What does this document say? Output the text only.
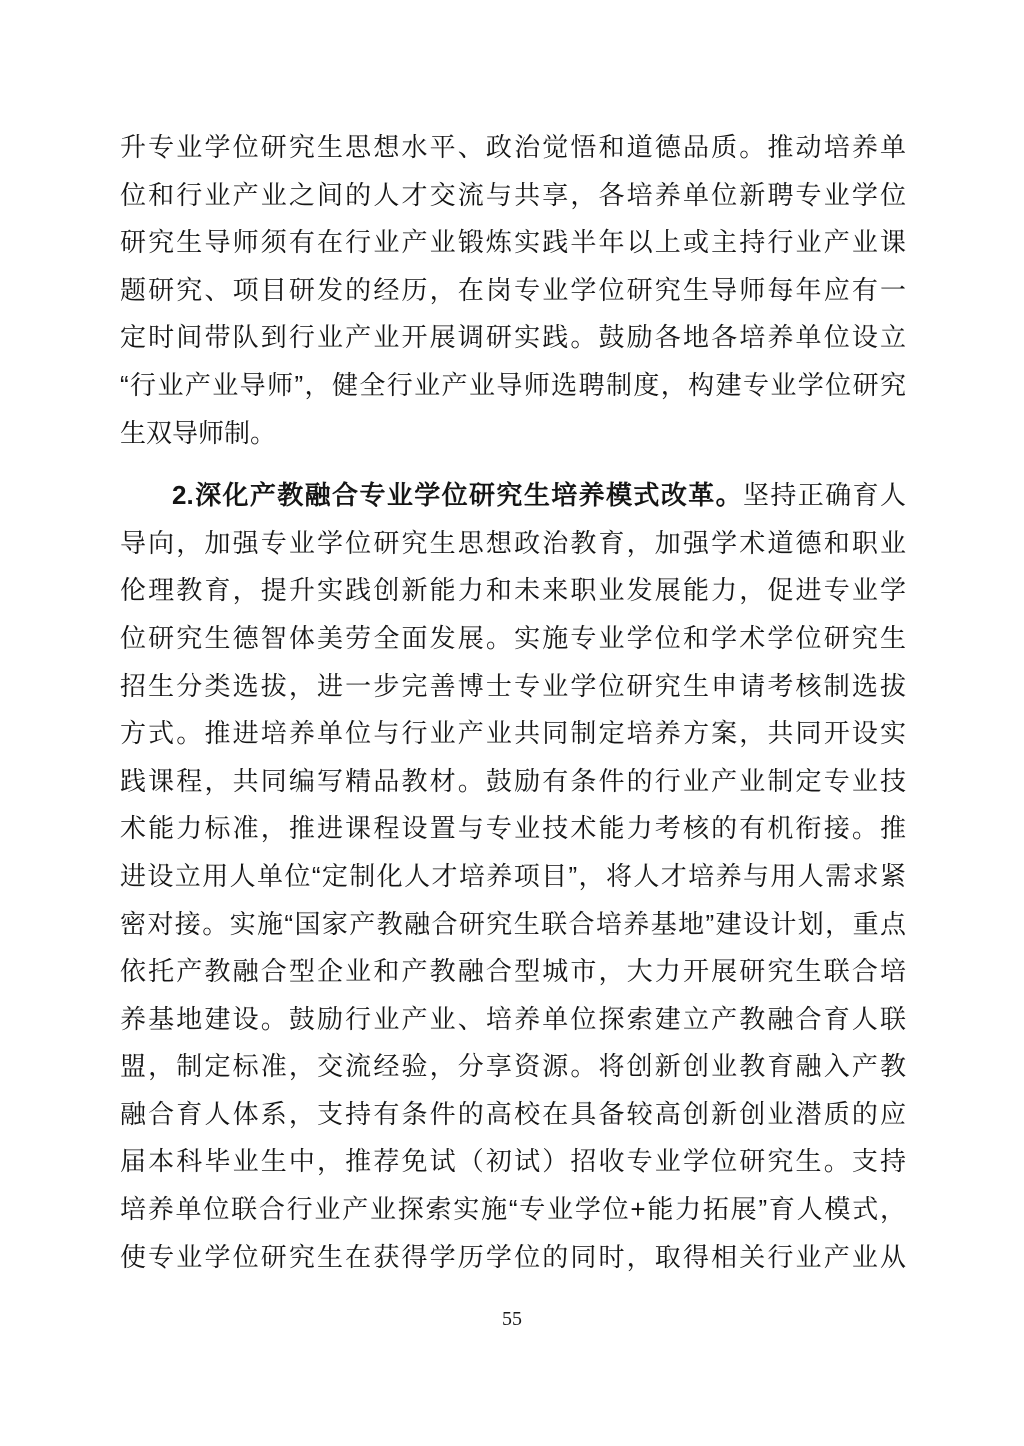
升专业学位研究生思想水平、政治觉悟和道德品质。推动培养单
位和行业产业之间的人才交流与共享，各培养单位新聘专业学位
研究生导师须有在行业产业锻炼实践半年以上或主持行业产业课
题研究、项目研发的经历，在岗专业学位研究生导师每年应有一
定时间带队到行业产业开展调研实践。鼓励各地各培养单位设立
“行业产业导师”，健全行业产业导师选聘制度，构建专业学位研究
生双导师制。
2.深化产教融合专业学位研究生培养模式改革。坚持正确育人
导向，加强专业学位研究生思想政治教育，加强学术道德和职业
伦理教育，提升实践创新能力和未来职业发展能力，促进专业学
位研究生德智体美劳全面发展。实施专业学位和学术学位研究生
招生分类选拔，进一步完善博士专业学位研究生申请考核制选拔
方式。推进培养单位与行业产业共同制定培养方案，共同开设实
践课程，共同编写精品教材。鼓励有条件的行业产业制定专业技
术能力标准，推进课程设置与专业技术能力考核的有机衔接。推
进设立用人单位“定制化人才培养项目”，将人才培养与用人需求紧
密对接。实施“国家产教融合研究生联合培养基地”建设计划，重点
依托产教融合型企业和产教融合型城市，大力开展研究生联合培
养基地建设。鼓励行业产业、培养单位探索建立产教融合育人联
盟，制定标准，交流经验，分享资源。将创新创业教育融入产教
融合育人体系，支持有条件的高校在具备较高创新创业潜质的应
届本科毕业生中，推荐免试（初试）招收专业学位研究生。支持
培养单位联合行业产业探索实施“专业学位+能力拓展”育人模式，
使专业学位研究生在获得学历学位的同时，取得相关行业产业从
55
